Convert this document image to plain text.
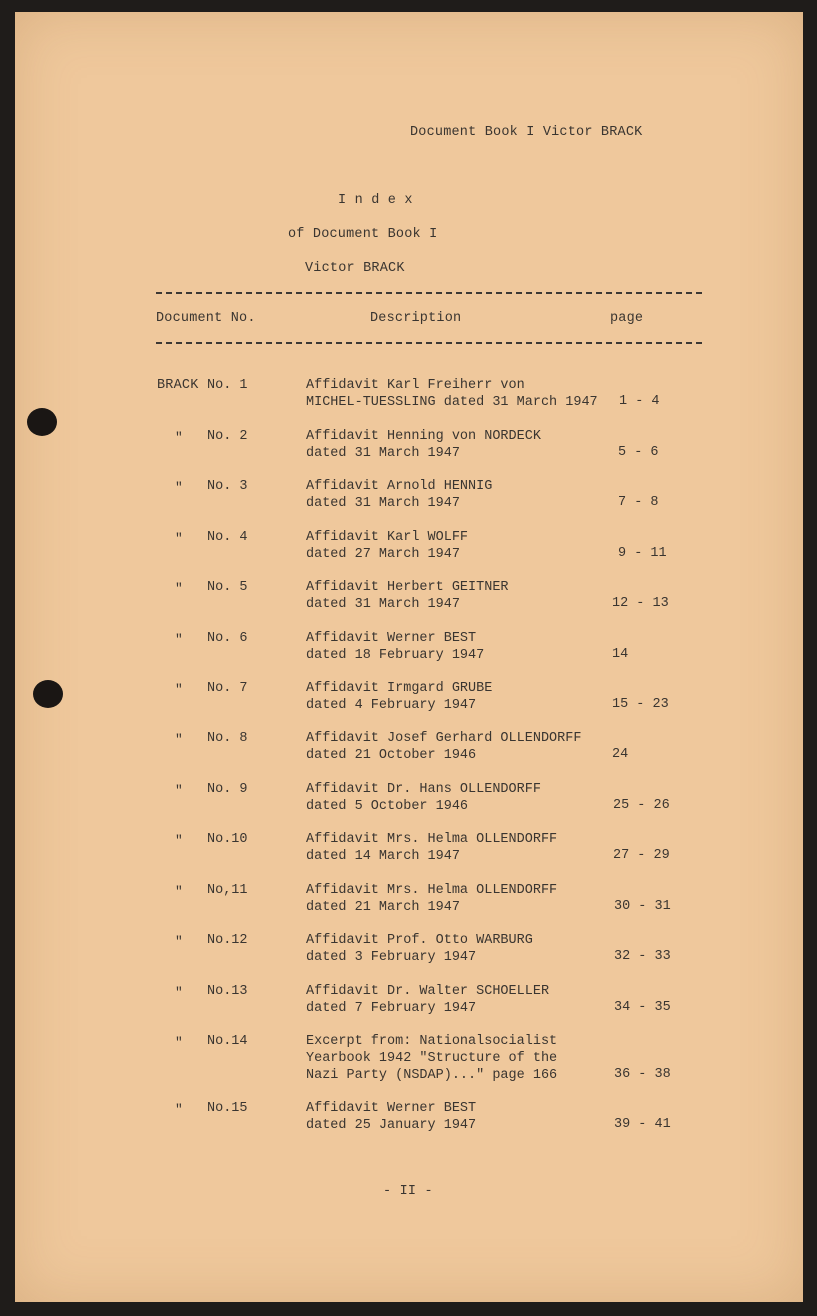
Document Book I Victor BRACK
I n d e x
of Document Book I
Victor BRACK
Document No.	Description	page
BRACK No. 1	Affidavit Karl Freiherr von
MICHEL-TUESSLING dated 31 March 1947 1 - 4
" No. 2	Affidavit Henning von NORDECK
dated 31 March 1947	5 - 6
" No. 3	Affidavit Arnold HENNIG
dated 31 March 1947	7 - 8
" No. 4	Affidavit Karl WOLFF
dated 27 March 1947	9 - 11
" No. 5	Affidavit Herbert GEITNER
dated 31 March 1947	12 - 13
" No. 6	Affidavit Werner BEST
dated 18 February 1947	14
" No. 7	Affidavit Irmgard GRUBE
dated 4 February 1947	15 - 23
" No. 8	Affidavit Josef Gerhard OLLENDORFF
dated 21 October 1946	24
" No. 9	Affidavit Dr. Hans OLLENDORFF
dated 5 October 1946	25 - 26
" No.10	Affidavit Mrs. Helma OLLENDORFF
dated 14 March 1947	27 - 29
" No,11	Affidavit Mrs. Helma OLLENDORFF
dated 21 March 1947	30 - 31
" No.12	Affidavit Prof. Otto WARBURG
dated 3 February 1947	32 - 33
" No.13	Affidavit Dr. Walter SCHOELLER
dated 7 February 1947	34 - 35
" No.14	Excerpt from: Nationalsocialist
Yearbook 1942 "Structure of the
Nazi Party (NSDAP)..." page 166	36 - 38
" No.15	Affidavit Werner BEST
dated 25 January 1947	39 - 41
- II -
